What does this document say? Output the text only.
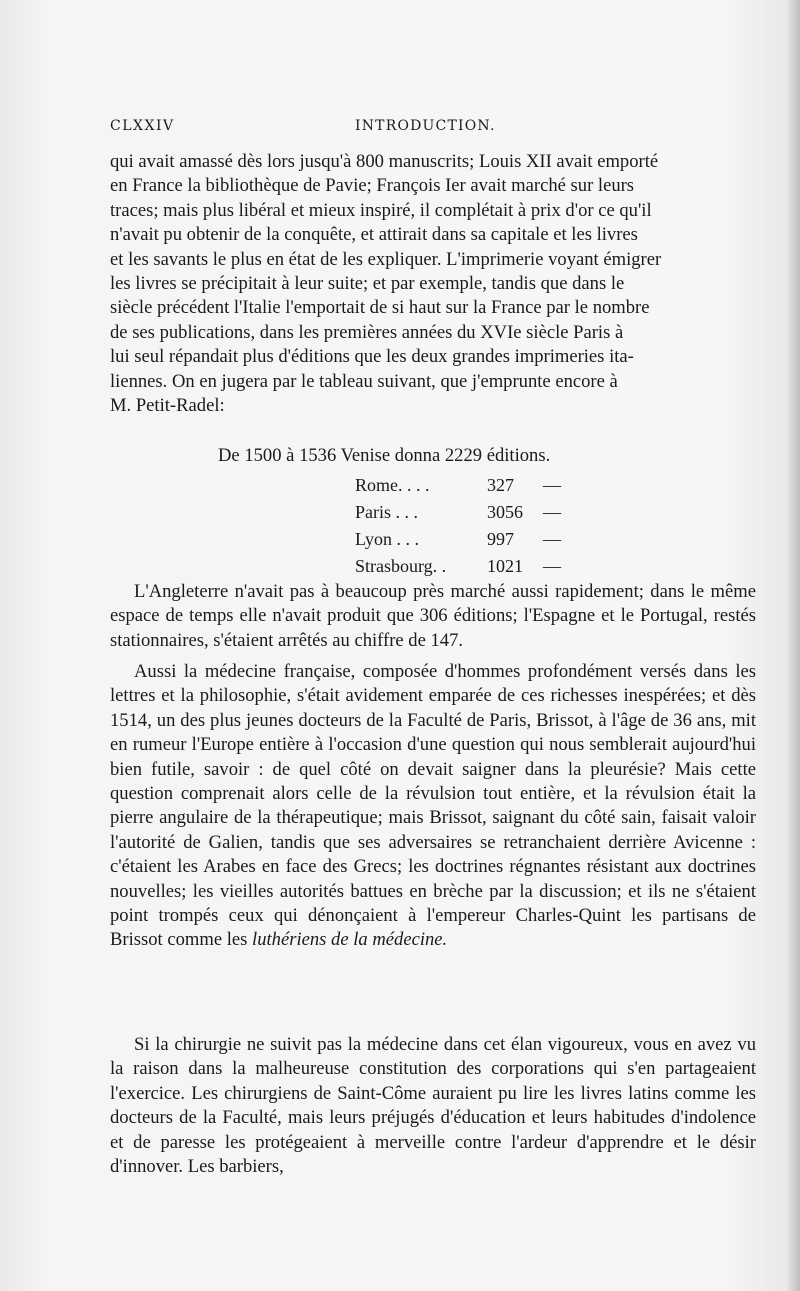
CLXXIV	INTRODUCTION.

qui avait amassé dès lors jusqu'à 800 manuscrits; Louis XII avait emporté

en France la bibliothèque de Pavie; François Ier avait marché sur leurs

traces; mais plus libéral et mieux inspiré, il complétait à prix d'or ce qu'il

n'avait pu obtenir de la conquête, et attirait dans sa capitale et les livres

et les savants le plus en état de les expliquer. L'imprimerie voyant émigrer

les livres se précipitait à leur suite; et par exemple, tandis que dans le

siècle précédent l'Italie l'emportait de si haut sur la France par le nombre

de ses publications, dans les premières années du XVIe siècle Paris à

lui seul répandait plus d'éditions que les deux grandes imprimeries ita-

liennes. On en jugera par le tableau suivant, que j'emprunte encore à

M. Petit-Radel:

De 1500 à 1536 Venise donna 2229 éditions.
Rome. . . .	327	—
Paris . . .	3056	—
Lyon . . .	997	—
Strasbourg. .	1021	—
L'Angleterre n'avait pas à beaucoup près marché aussi rapidement; dans le même espace de temps elle n'avait produit que 306 éditions; l'Espagne et le Portugal, restés stationnaires, s'étaient arrêtés au chiffre de 147.
Aussi la médecine française, composée d'hommes profondément versés dans les lettres et la philosophie, s'était avidement emparée de ces richesses inespérées; et dès 1514, un des plus jeunes docteurs de la Faculté de Paris, Brissot, à l'âge de 36 ans, mit en rumeur l'Europe entière à l'occasion d'une question qui nous semblerait aujourd'hui bien futile, savoir : de quel côté on devait saigner dans la pleurésie? Mais cette question comprenait alors celle de la révulsion tout entière, et la révulsion était la pierre angulaire de la thérapeutique; mais Brissot, saignant du côté sain, faisait valoir l'autorité de Galien, tandis que ses adversaires se retranchaient derrière Avicenne : c'étaient les Arabes en face des Grecs; les doctrines régnantes résistant aux doctrines nouvelles; les vieilles autorités battues en brèche par la discussion; et ils ne s'étaient point trompés ceux qui dénonçaient à l'empereur Charles-Quint les partisans de Brissot comme les luthériens de la médecine.
Si la chirurgie ne suivit pas la médecine dans cet élan vigoureux, vous en avez vu la raison dans la malheureuse constitution des corporations qui s'en partageaient l'exercice. Les chirurgiens de Saint-Côme auraient pu lire les livres latins comme les docteurs de la Faculté, mais leurs préjugés d'éducation et leurs habitudes d'indolence et de paresse les protégeaient à merveille contre l'ardeur d'apprendre et le désir d'innover. Les barbiers,
